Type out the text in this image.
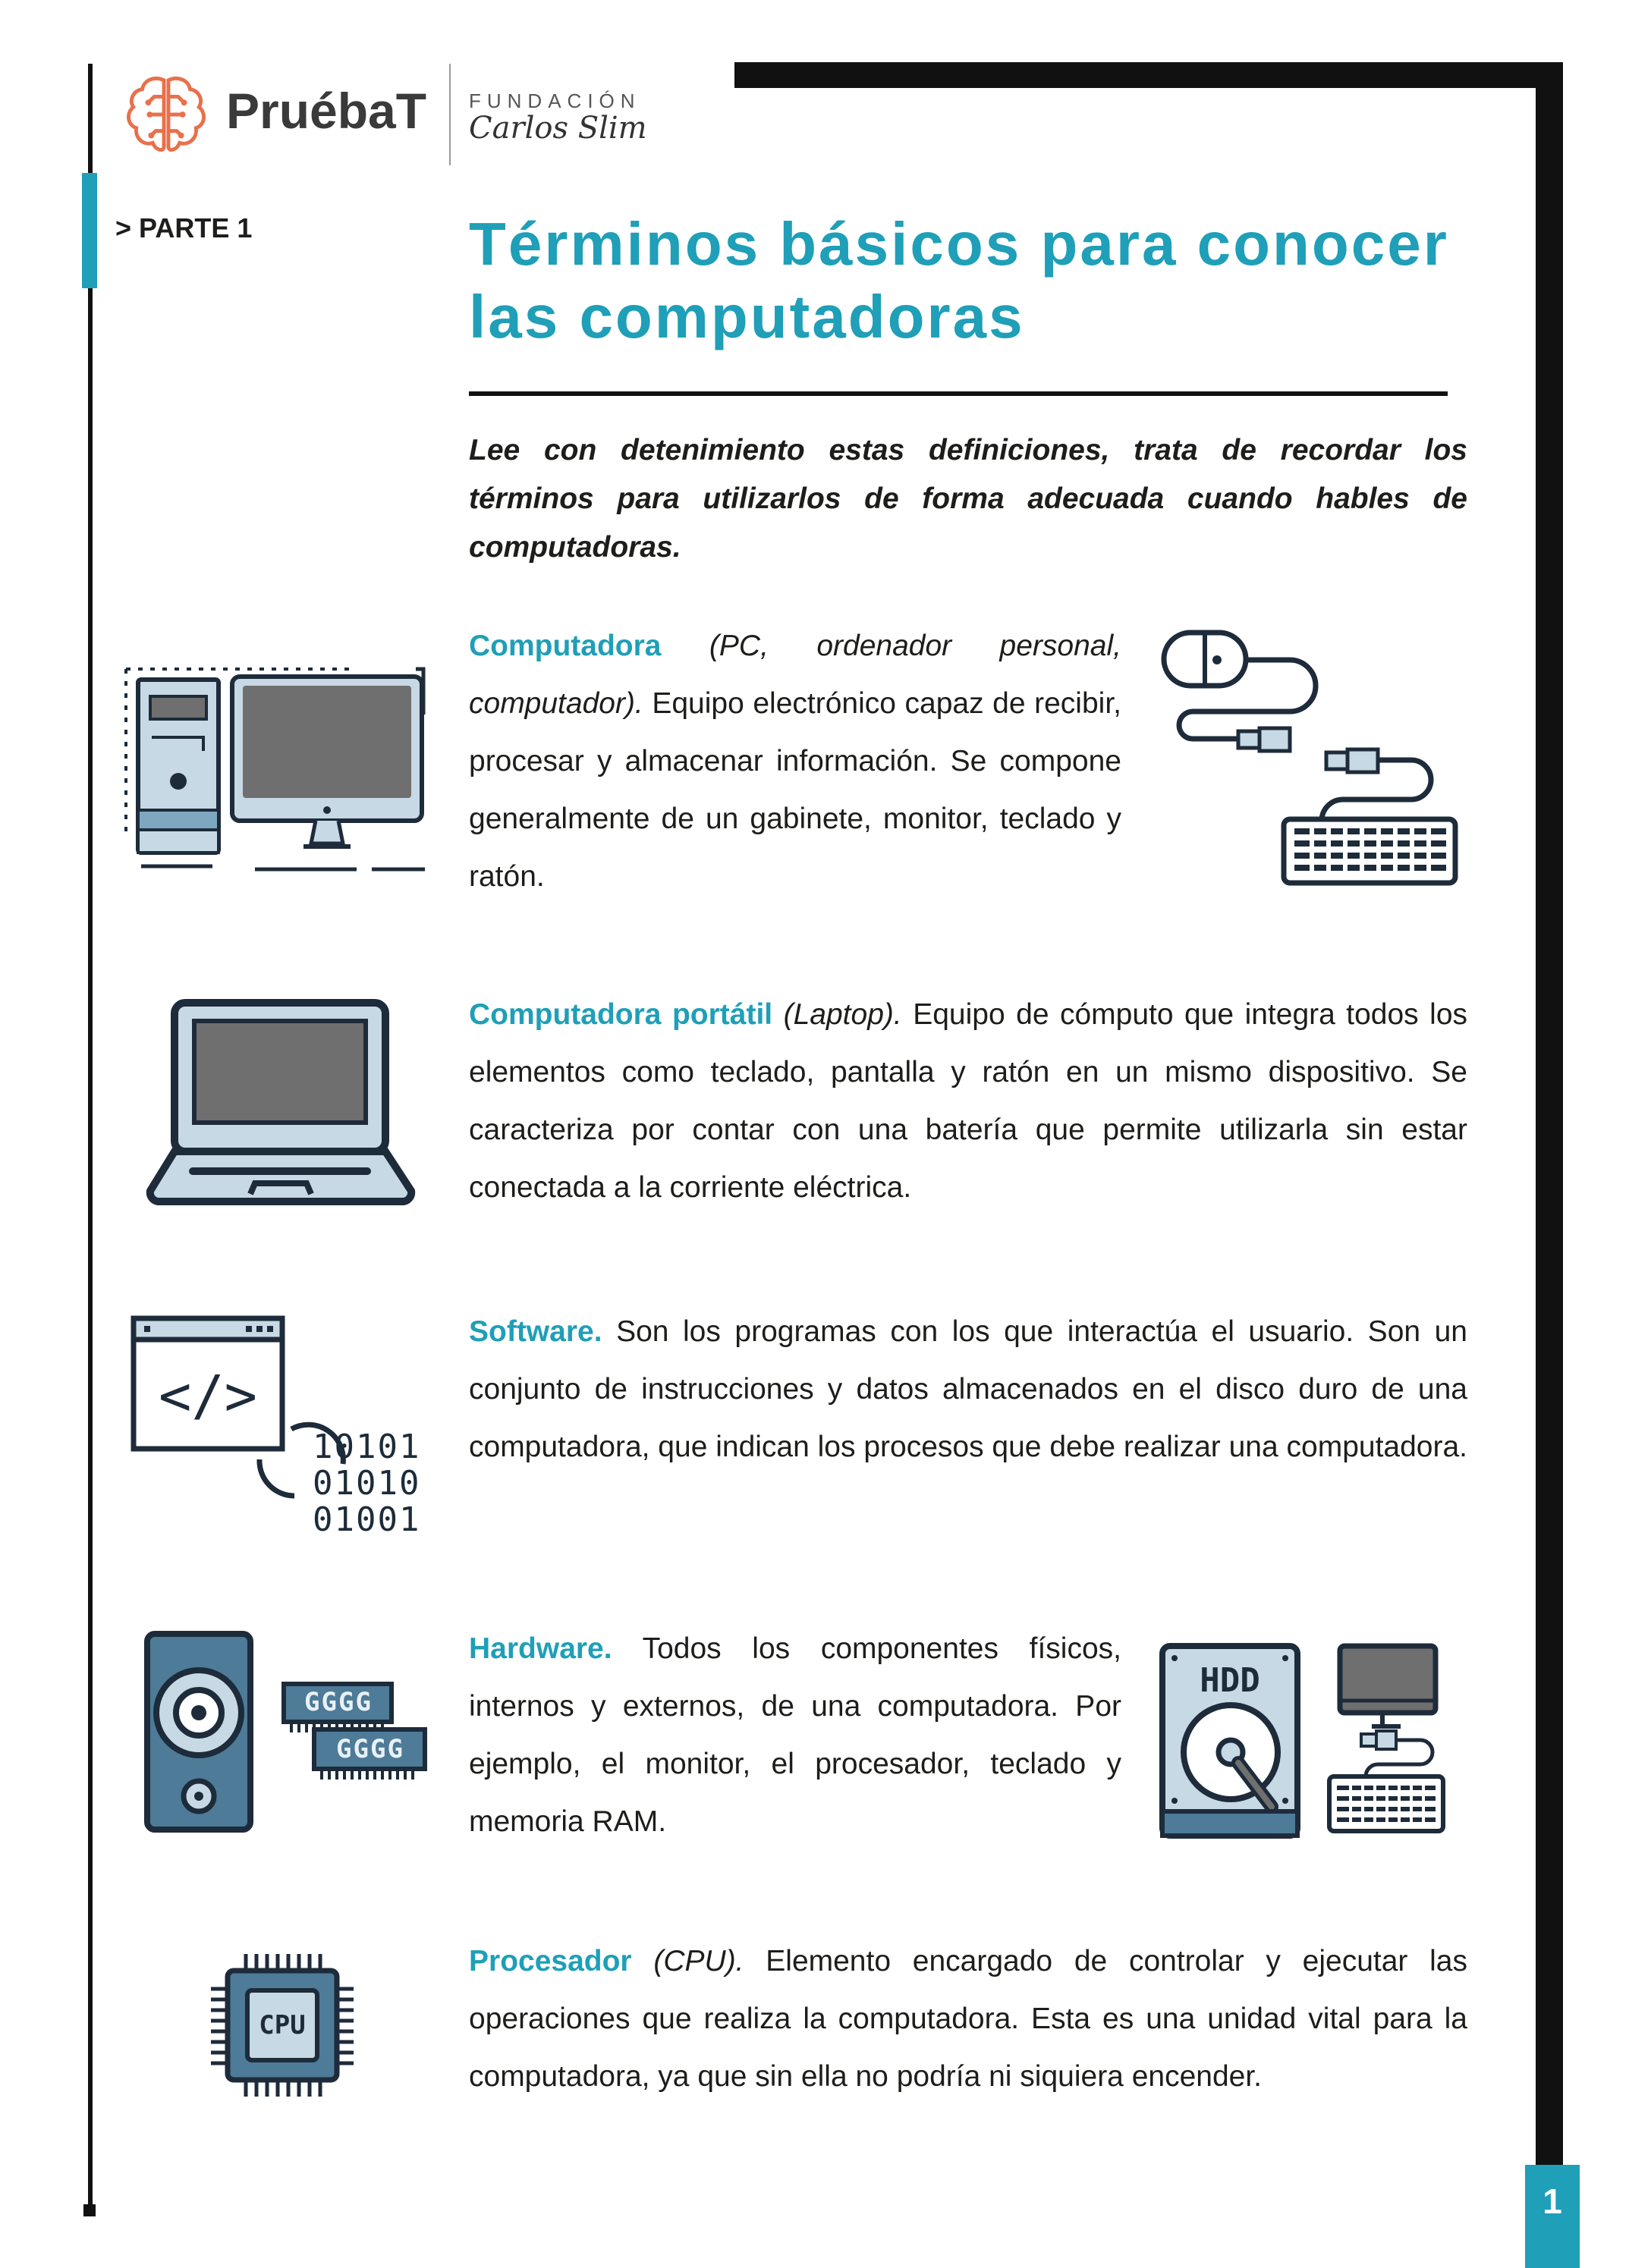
1
PruébaT FUNDACIÓN
Carlos Slim
> PARTE 1	Términos básicos para conocer las computadoras
Lee con detenimiento estas definiciones, trata de recordar los términos para utilizarlos de forma adecuada cuando hables de computadoras.
Computadora (PC, ordenador personal, computador). Equipo electrónico capaz de recibir, procesar y almacenar información. Se compone generalmente de un gabinete, monitor, teclado y ratón.
Computadora portátil (Laptop). Equipo de cómputo que integra todos los elementos como teclado, pantalla y ratón en un mismo dispositivo. Se caracteriza por contar con una batería que permite utilizarla sin estar conectada a la corriente eléctrica.
Software. Son los programas con los que interactúa el usuario. Son un conjunto de instrucciones y datos almacenados en el disco duro de una computadora, que indican los procesos que debe realizar una computadora.
</>
10101
01010
01001
Hardware. Todos los componentes físicos, internos y externos, de una computadora. Por ejemplo, el monitor, el procesador, teclado y memoria RAM.
GGGG
GGGG
HDD
Procesador (CPU). Elemento encargado de controlar y ejecutar las operaciones que realiza la computadora. Esta es una unidad vital para la computadora, ya que sin ella no podría ni siquiera encender.
CPU
